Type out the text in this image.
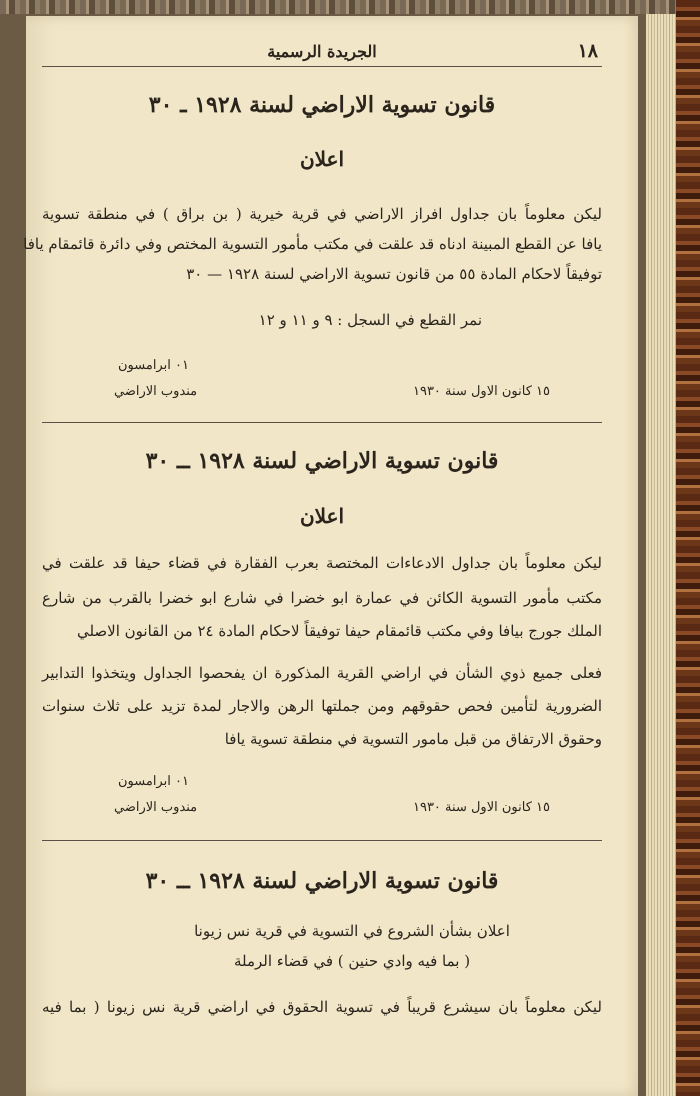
١٨
الجريدة الرسمية
قانون تسوية الاراضي لسنة ١٩٢٨ ـ ٣٠
اعلان
ليكن معلوماً بان جداول افراز الاراضي في قرية خيرية ( بن براق ) في منطقة تسوية
يافا عن القطع المبينة ادناه قد علقت في مكتب مأمور التسوية المختص وفي دائرة قائمقام يافا
توفيقاً لاحكام المادة ٥٥ من قانون تسوية الاراضي لسنة ١٩٢٨ — ٣٠
نمر القطع في السجل : ٩ و ١١ و ١٢
٠١ ابرامسون
مندوب الاراضي	١٥ كانون الاول سنة ١٩٣٠
قانون تسوية الاراضي لسنة ١٩٢٨ ــ ٣٠
اعلان
ليكن معلوماً بان جداول الادعاءات المختصة بعرب الفقارة في قضاء حيفا قد علقت في
مكتب مأمور التسوية الكائن في عمارة ابو خضرا في شارع ابو خضرا بالقرب من شارع
الملك جورج بيافا وفي مكتب قائمقام حيفا توفيقاً لاحكام المادة ٢٤ من القانون الاصلي
فعلى جميع ذوي الشأن في اراضي القرية المذكورة ان يفحصوا الجداول ويتخذوا التدابير
الضرورية لتأمين فحص حقوقهم ومن جملتها الرهن والاجار لمدة تزيد على ثلاث سنوات
وحقوق الارتفاق من قبل مامور التسوية في منطقة تسوية يافا
٠١ ابرامسون
مندوب الاراضي	١٥ كانون الاول سنة ١٩٣٠
قانون تسوية الاراضي لسنة ١٩٢٨ ــ ٣٠
اعلان بشأن الشروع في التسوية في قرية نس زيونا
( بما فيه وادي حنين ) في قضاء الرملة
ليكن معلوماً بان سيشرع قريباً في تسوية الحقوق في اراضي قرية نس زيونا ( بما فيه
